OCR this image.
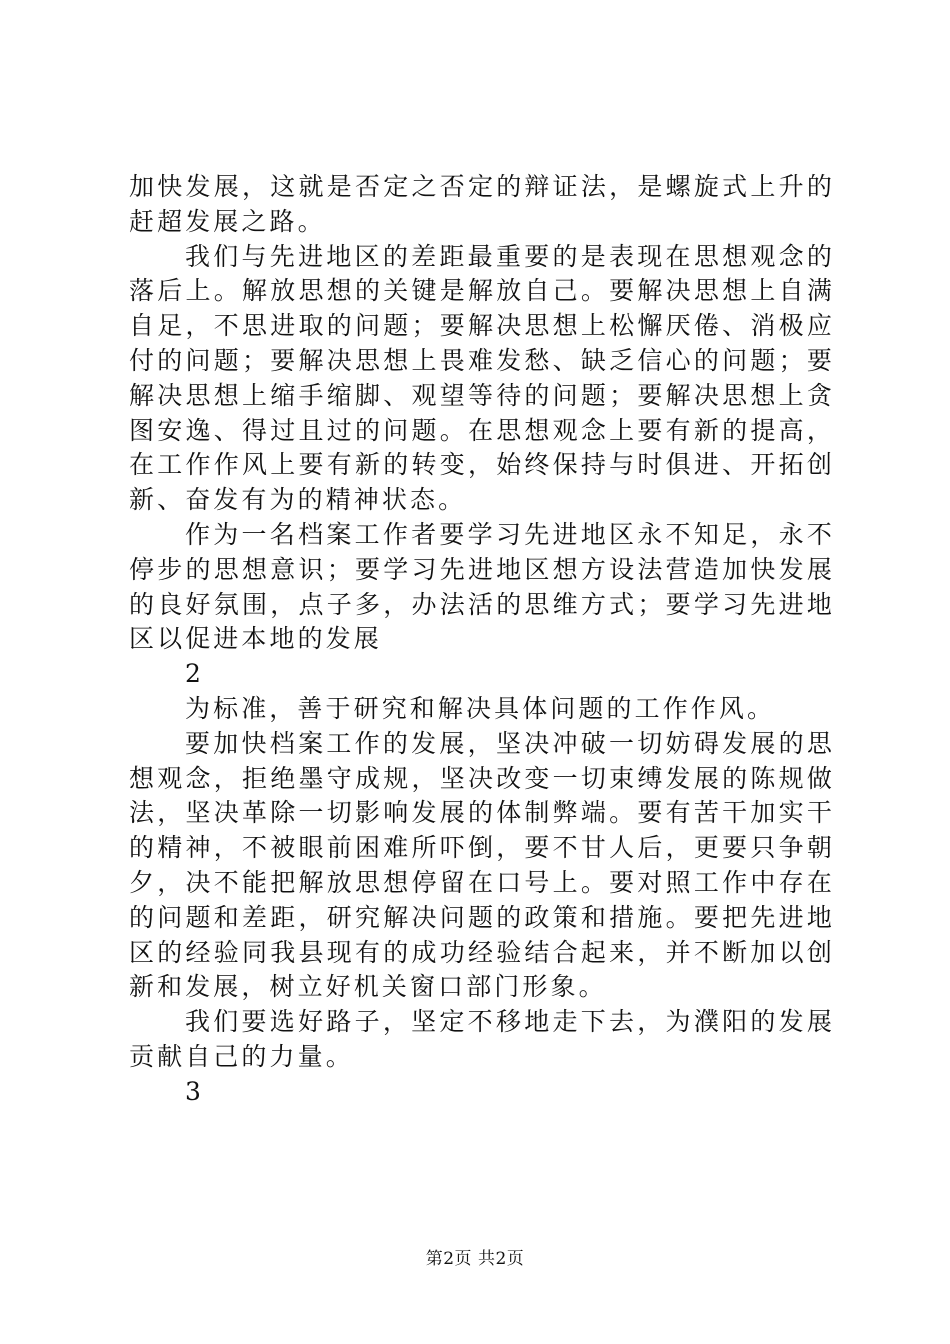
加快发展，这就是否定之否定的辩证法，是螺旋式上升的赶超发展之路。

我们与先进地区的差距最重要的是表现在思想观念的落后上。解放思想的关键是解放自己。要解决思想上自满自足，不思进取的问题；要解决思想上松懈厌倦、消极应付的问题；要解决思想上畏难发愁、缺乏信心的问题；要解决思想上缩手缩脚、观望等待的问题；要解决思想上贪图安逸、得过且过的问题。在思想观念上要有新的提高，在工作作风上要有新的转变，始终保持与时俱进、开拓创新、奋发有为的精神状态。

作为一名档案工作者要学习先进地区永不知足，永不停步的思想意识；要学习先进地区想方设法营造加快发展的良好氛围，点子多，办法活的思维方式；要学习先进地区以促进本地的发展

2

为标准，善于研究和解决具体问题的工作作风。

要加快档案工作的发展，坚决冲破一切妨碍发展的思想观念，拒绝墨守成规，坚决改变一切束缚发展的陈规做法，坚决革除一切影响发展的体制弊端。要有苦干加实干的精神，不被眼前困难所吓倒，要不甘人后，更要只争朝夕，决不能把解放思想停留在口号上。要对照工作中存在的问题和差距，研究解决问题的政策和措施。要把先进地区的经验同我县现有的成功经验结合起来，并不断加以创新和发展，树立好机关窗口部门形象。

我们要选好路子，坚定不移地走下去，为濮阳的发展贡献自己的力量。

3

第2页 共2页
